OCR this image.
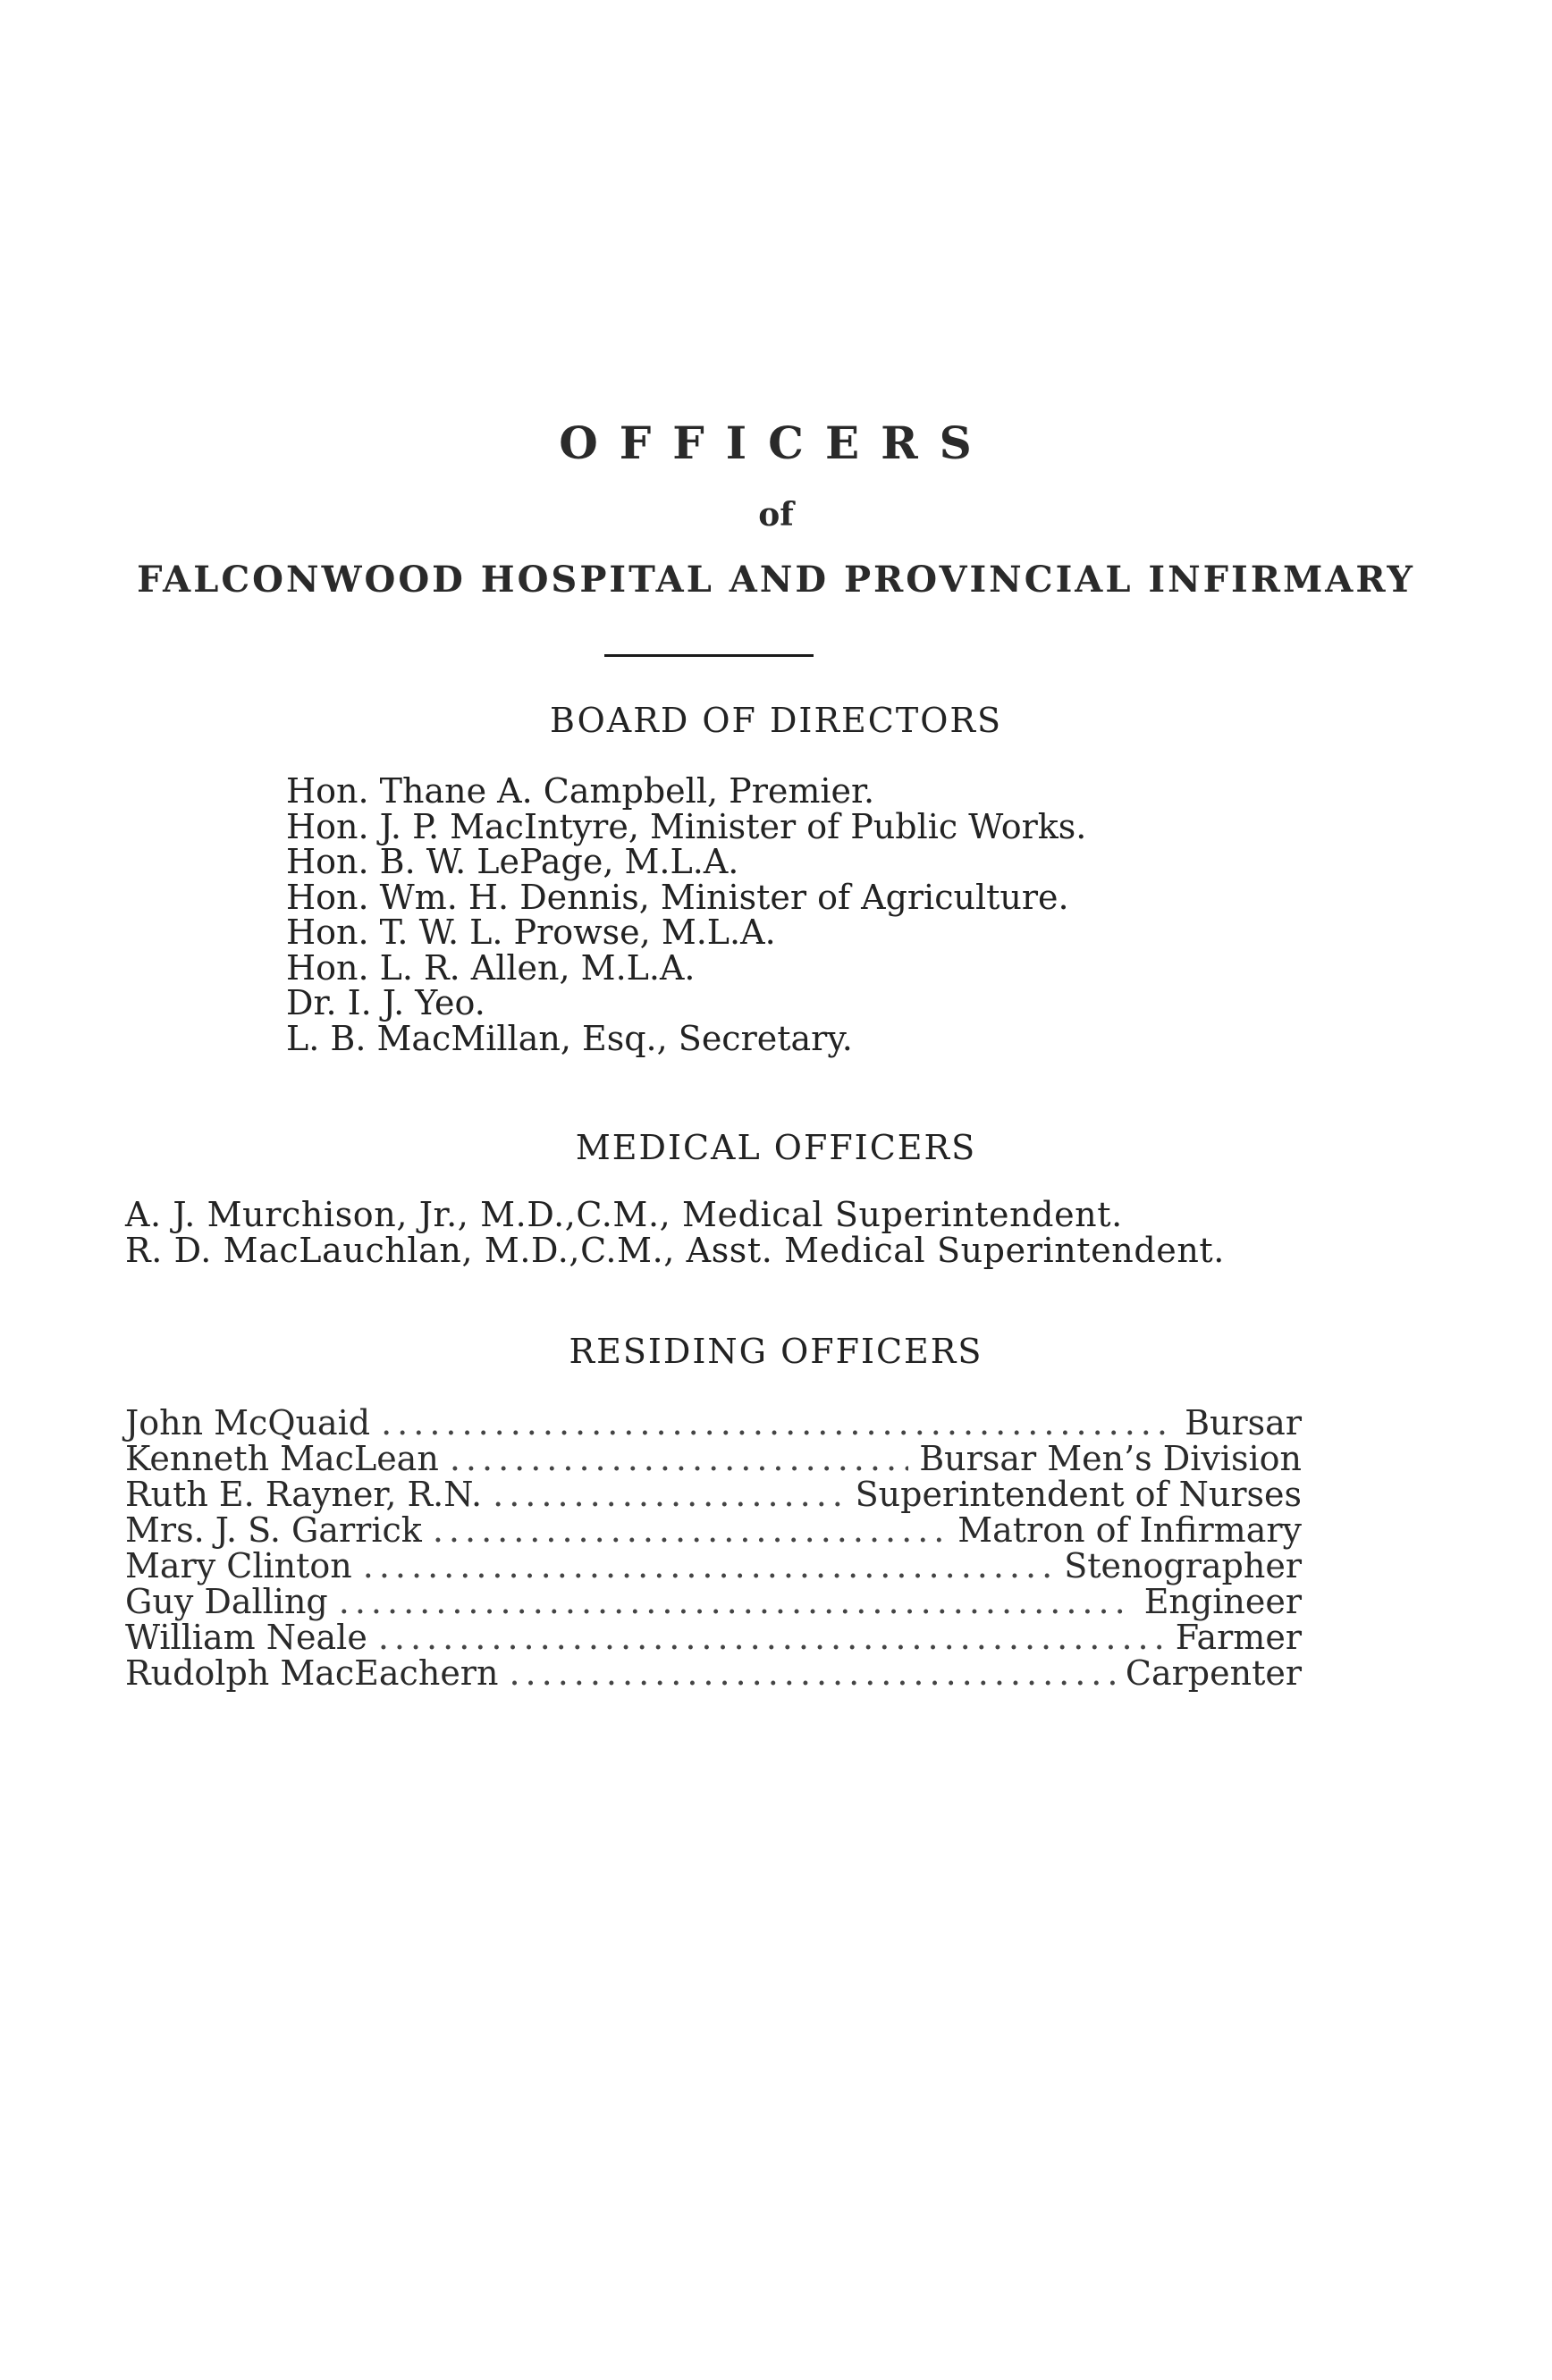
OFFICERS
of
FALCONWOOD HOSPITAL AND PROVINCIAL INFIRMARY
BOARD OF DIRECTORS
Hon. Thane A. Campbell, Premier.
Hon. J. P. MacIntyre, Minister of Public Works.
Hon. B. W. LePage, M.L.A.
Hon. Wm. H. Dennis, Minister of Agriculture.
Hon. T. W. L. Prowse, M.L.A.
Hon. L. R. Allen, M.L.A.
Dr. I. J. Yeo.
L. B. MacMillan, Esq., Secretary.
MEDICAL OFFICERS
A. J. Murchison, Jr., M.D.,C.M., Medical Superintendent.
R. D. MacLauchlan, M.D.,C.M., Asst. Medical Superintendent.
RESIDING OFFICERS
John McQuaid .....	Bursar
Kenneth MacLean .....	Bursar Men’s Division
Ruth E. Rayner, R.N. .....	Superintendent of Nurses
Mrs. J. S. Garrick .....	Matron of Infirmary
Mary Clinton .....	Stenographer
Guy Dalling .....	Engineer
William Neale .....	Farmer
Rudolph MacEachern .....	Carpenter
